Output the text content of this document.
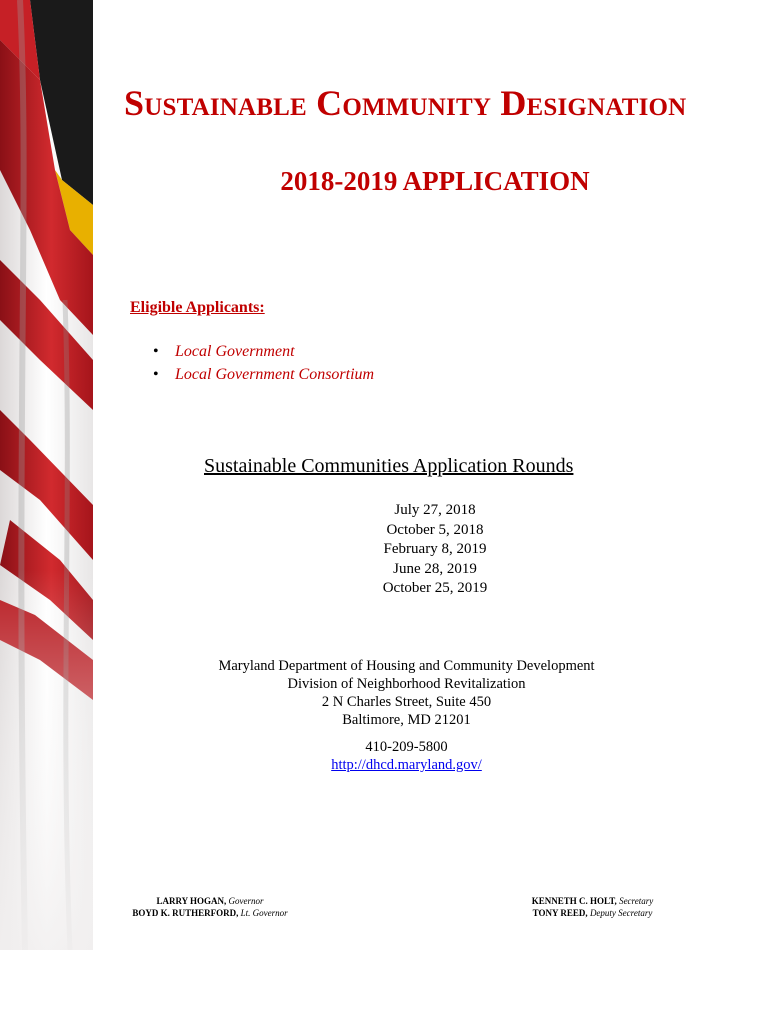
Sustainable Community Designation
2018-2019 APPLICATION
Eligible Applicants:
• Local Government
• Local Government Consortium
Sustainable Communities Application Rounds
July 27, 2018
October 5, 2018
February 8, 2019
June 28, 2019
October 25, 2019
Maryland Department of Housing and Community Development
Division of Neighborhood Revitalization
2 N Charles Street, Suite 450
Baltimore, MD 21201
410-209-5800
http://dhcd.maryland.gov/
LARRY HOGAN, Governor
BOYD K. RUTHERFORD, Lt. Governor
KENNETH C. HOLT, Secretary
TONY REED, Deputy Secretary
